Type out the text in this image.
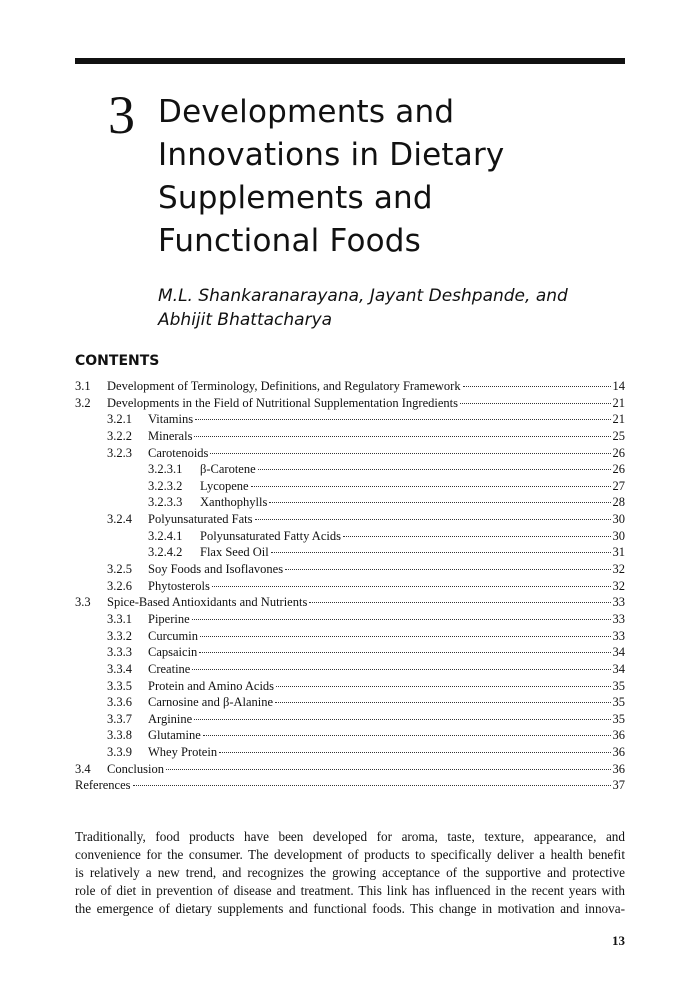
3 Developments and
Innovations in Dietary
Supplements and
Functional Foods
M.L. Shankaranarayana, Jayant Deshpande, and
Abhijit Bhattacharya
CONTENTS
3.1	Development of Terminology, Definitions, and Regulatory Framework	14
3.2	Developments in the Field of Nutritional Supplementation Ingredients	21
3.2.1	Vitamins	21
3.2.2	Minerals	25
3.2.3	Carotenoids	26
3.2.3.1	β-Carotene	26
3.2.3.2	Lycopene	27
3.2.3.3	Xanthophylls	28
3.2.4	Polyunsaturated Fats	30
3.2.4.1	Polyunsaturated Fatty Acids	30
3.2.4.2	Flax Seed Oil	31
3.2.5	Soy Foods and Isoflavones	32
3.2.6	Phytosterols	32
3.3	Spice-Based Antioxidants and Nutrients	33
3.3.1	Piperine	33
3.3.2	Curcumin	33
3.3.3	Capsaicin	34
3.3.4	Creatine	34
3.3.5	Protein and Amino Acids	35
3.3.6	Carnosine and β-Alanine	35
3.3.7	Arginine	35
3.3.8	Glutamine	36
3.3.9	Whey Protein	36
3.4	Conclusion	36
References	37
Traditionally, food products have been developed for aroma, taste, texture, appearance, and
convenience for the consumer. The development of products to specifically deliver a health benefit
is relatively a new trend, and recognizes the growing acceptance of the supportive and protective
role of diet in prevention of disease and treatment. This link has influenced in the recent years with
the emergence of dietary supplements and functional foods. This change in motivation and innova-
13
